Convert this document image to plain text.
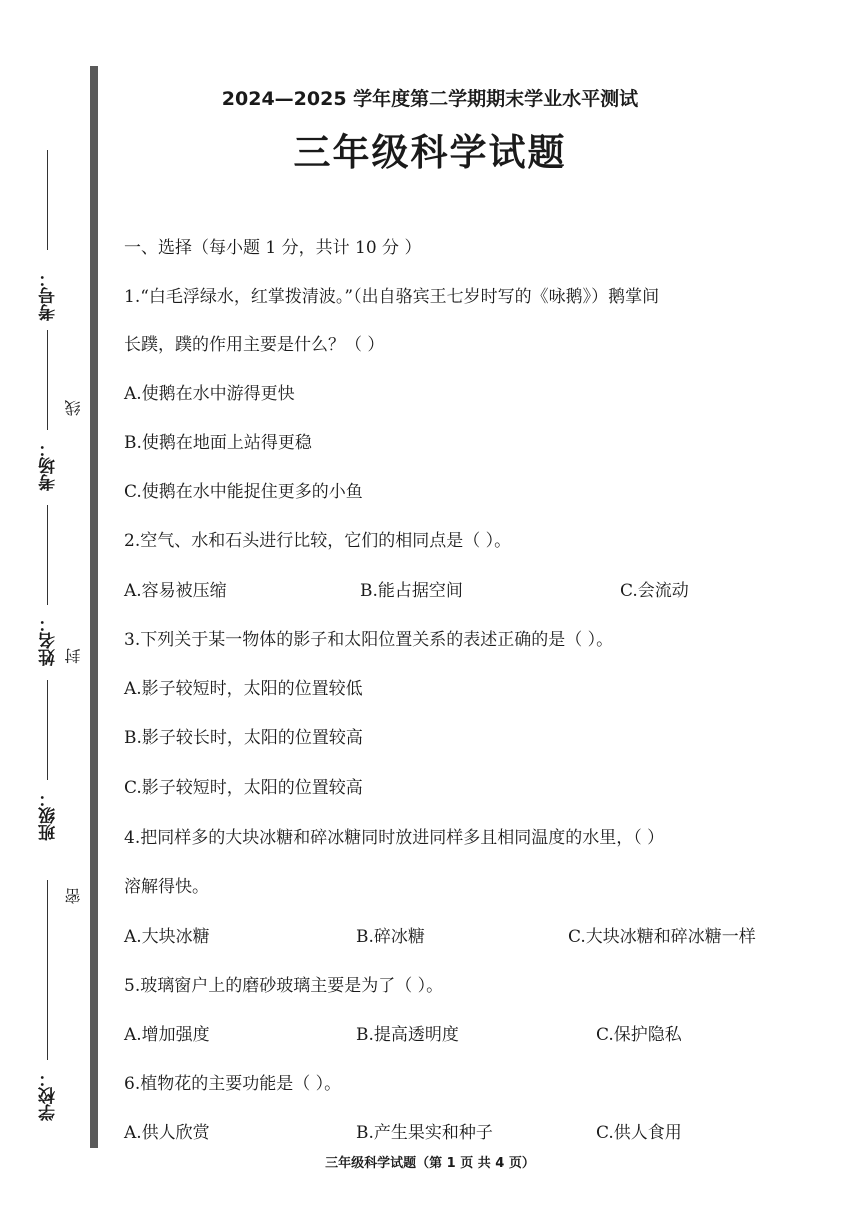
考号：
考场：
姓名：
班级：
学校：
线
封
密
2024—2025 学年度第二学期期末学业水平测试
三年级科学试题
一、选择（每小题 1 分，共计 10 分 ）
1.“白毛浮绿水，红掌拨清波。”（出自骆宾王七岁时写的《咏鹅》）鹅掌间
长蹼，蹼的作用主要是什么？（ ）
A.使鹅在水中游得更快
B.使鹅在地面上站得更稳
C.使鹅在水中能捉住更多的小鱼
2.空气、水和石头进行比较，它们的相同点是（ ）。
A.容易被压缩	B.能占据空间	C.会流动
3.下列关于某一物体的影子和太阳位置关系的表述正确的是（ ）。
A.影子较短时，太阳的位置较低
B.影子较长时，太阳的位置较高
C.影子较短时，太阳的位置较高
4.把同样多的大块冰糖和碎冰糖同时放进同样多且相同温度的水里，（ ）
溶解得快。
A.大块冰糖	B.碎冰糖	C.大块冰糖和碎冰糖一样
5.玻璃窗户上的磨砂玻璃主要是为了（ ）。
A.增加强度	B.提高透明度	C.保护隐私
6.植物花的主要功能是（ ）。
A.供人欣赏	B.产生果实和种子	C.供人食用
三年级科学试题（第 1 页 共 4 页）
